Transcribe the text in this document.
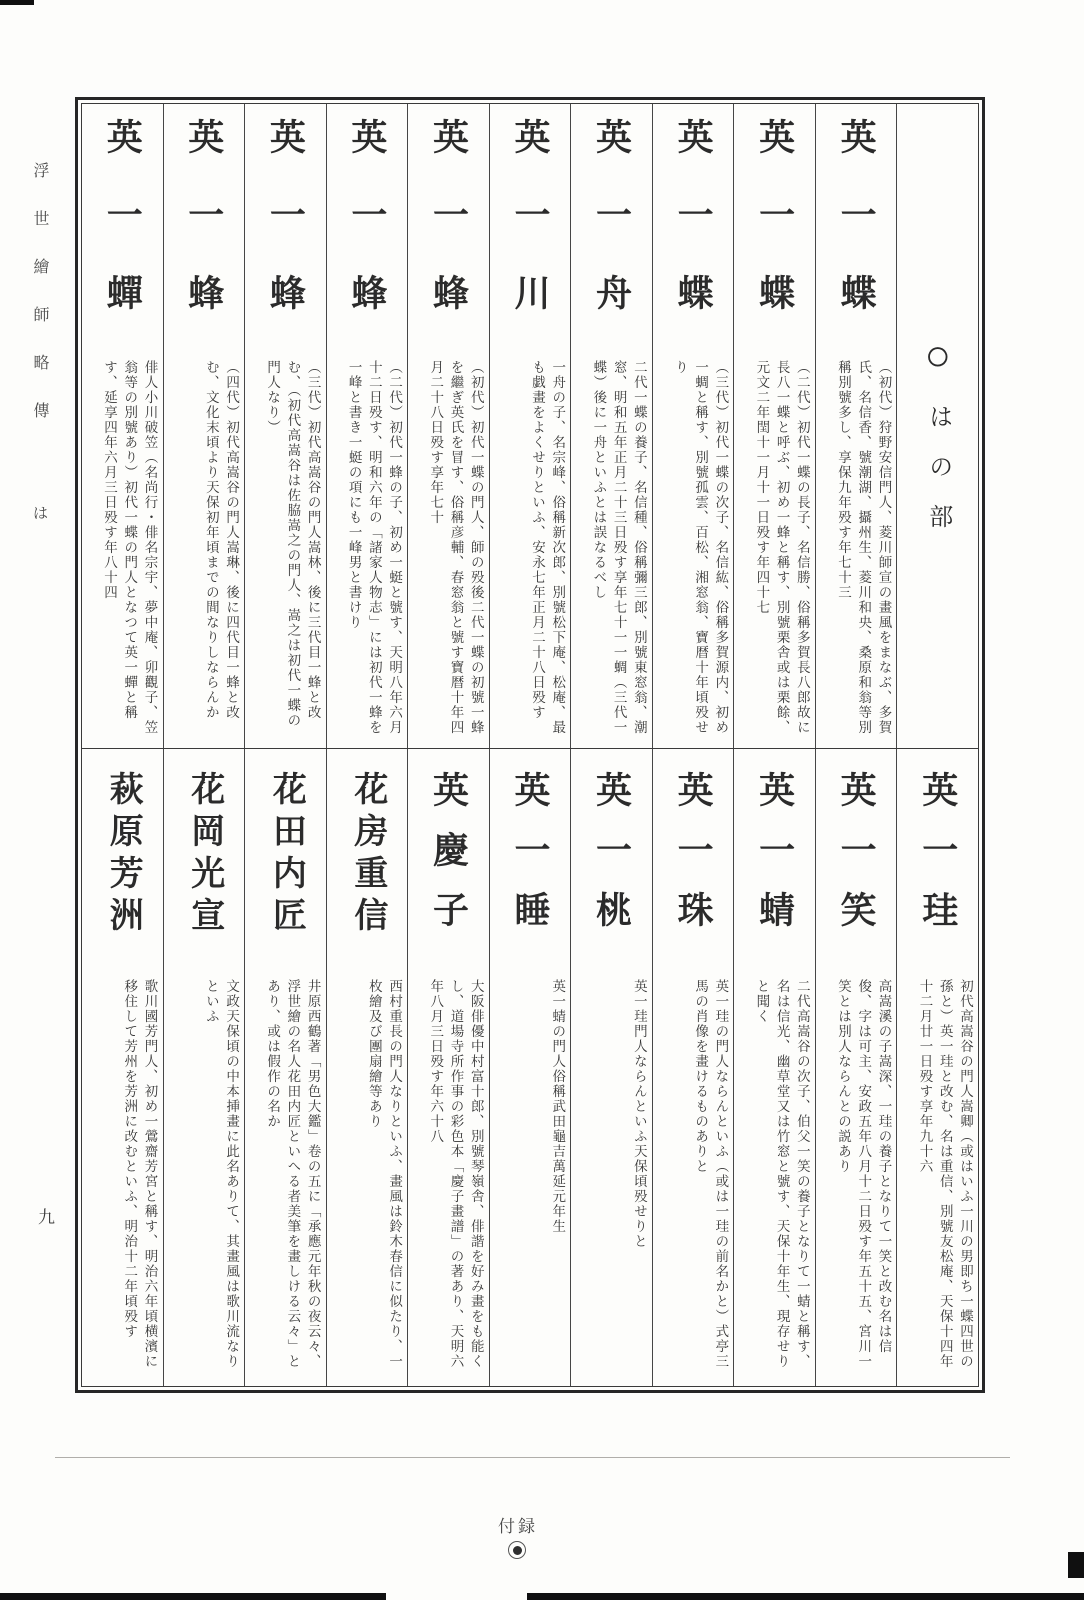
浮世繪師略傳
は
九
○
はの部
英一蝶
（初代）狩野安信門人、菱川師宣の畫風をまなぶ、多賀氏、名信香、號潮湖、攝州生、菱川和央、桑原和翁等別稱別號多し、享保九年殁す年七十三
英一蝶
（二代）初代一蝶の長子、名信勝、俗稱多賀長八郎故に長八一蝶と呼ぶ、初め一蜂と稱す、別號栗舎或は栗餘、元文二年閏十一月十一日殁す年四十七
英一蝶
（三代）初代一蝶の次子、名信紘、俗稱多賀源内、初め一蜩と稱す、別號孤雲、百松、湘窓翁、寶暦十年頃殁せり
英一舟
二代一蝶の養子、名信種、俗稱彌三郎、別號東窓翁、潮窓、明和五年正月二十三日殁す享年七十一一蜩（三代一蝶）後に一舟といふとは誤なるべし
英一川
一舟の子、名宗峰、俗稱新次郎、別號松下庵、松庵、最も戯畫をよくせりといふ、安永七年正月二十八日殁す
英一蜂
（初代）初代一蝶の門人、師の殁後二代一蝶の初號一蜂を繼ぎ英氏を冒す、俗稱彦輔、春窓翁と號す寶暦十年四月二十八日殁す享年七十
英一蜂
（二代）初代一蜂の子、初め一蜓と號す、天明八年六月十二日殁す、明和六年の「諸家人物志」には初代一蜂を一峰と書き一蜓の項にも一峰男と書けり
英一蜂
（三代）初代高嵩谷の門人嵩林、後に三代目一蜂と改む、（初代高嵩谷は佐脇嵩之の門人、嵩之は初代一蝶の門人なり）
英一蜂
（四代）初代高嵩谷の門人嵩琳、後に四代目一蜂と改む、文化末頃より天保初年頃までの間なりしならんか
英一蟬
俳人小川破笠（名尚行・俳名宗宇、夢中庵、卯觀子、笠翁等の別號あり）初代一蝶の門人となつて英一蟬と稱す、延享四年六月三日殁す年八十四
英一珪
初代高嵩谷の門人嵩卿（或はいふ一川の男即ち一蝶四世の孫と）英一珪と改む、名は重信、別號友松庵、天保十四年十二月廿一日殁す享年九十六
英一笑
高嵩溪の子嵩深、一珪の養子となりて一笑と改む名は信俊、字は可主、安政五年八月十二日殁す年五十五、宮川一笑とは別人ならんとの説あり
英一蜻
二代高嵩谷の次子、伯父一笑の養子となりて一蜻と稱す、名は信光、幽草堂又は竹窓と號す、天保十年生、現存せりと聞く
英一珠
英一珪の門人ならんといふ（或は一珪の前名かと）式亭三馬の肖像を畫けるものありと
英一桃
英一珪門人ならんといふ天保頃殁せりと
英一睡
英一蜻の門人俗稱武田龜吉萬延元年生
英慶子
大阪俳優中村富十郎、別號琴嶺舎、俳諧を好み畫をも能くし、道場寺所作事の彩色本「慶子畫譜」の著あり、天明六年八月三日殁す年六十八
花房重信
西村重長の門人なりといふ、畫風は鈴木春信に似たり、一枚繪及び團扇繪等あり
花田内匠
井原西鶴著「男色大鑑」卷の五に「承應元年秋の夜云々、浮世繪の名人花田内匠といへる者美筆を畫しける云々」とあり、或は假作の名か
花岡光宣
文政天保頃の中本挿畫に此名ありて、其畫風は歌川流なりといふ
萩原芳洲
歌川國芳門人、初め一鶯齋芳宮と稱す、明治六年頃横濱に移住して芳州を芳洲に改むといふ、明治十二年頃殁す
付録
